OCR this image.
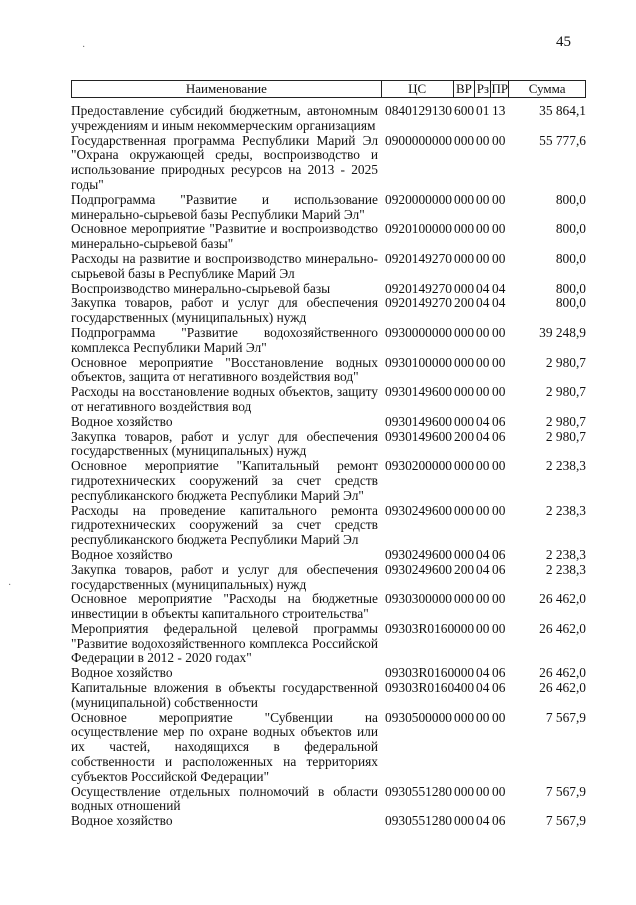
45
Наименование	ЦС	ВР Рз ПР	Сумма
Предоставление субсидий бюджетным, автономным учреждениям и иным некоммерческим организациям
0840129130 600 01 13	35 864,1
Государственная программа Республики Марий Эл "Охрана окружающей среды, воспроизводство и использование природных ресурсов на 2013 - 2025 годы"
0900000000 000 00 00	55 777,6
Подпрограмма "Развитие и использование минерально-сырьевой базы Республики Марий Эл"
0920000000 000 00 00	800,0
Основное мероприятие "Развитие и воспроизводство минерально-сырьевой базы"
0920100000 000 00 00	800,0
Расходы на развитие и воспроизводство минерально-сырьевой базы в Республике Марий Эл
0920149270 000 00 00	800,0
Воспроизводство минерально-сырьевой базы	0920149270 000 04 04	800,0
Закупка товаров, работ и услуг для обеспечения государственных (муниципальных) нужд
0920149270 200 04 04	800,0
Подпрограмма "Развитие водохозяйственного комплекса Республики Марий Эл"
0930000000 000 00 00	39 248,9
Основное мероприятие "Восстановление водных объектов, защита от негативного воздействия вод"
0930100000 000 00 00	2 980,7
Расходы на восстановление водных объектов, защиту от негативного воздействия вод
0930149600 000 00 00	2 980,7
Водное хозяйство	0930149600 000 04 06	2 980,7
Закупка товаров, работ и услуг для обеспечения государственных (муниципальных) нужд
0930149600 200 04 06	2 980,7
Основное мероприятие "Капитальный ремонт гидротехнических сооружений за счет средств республиканского бюджета Республики Марий Эл"
0930200000 000 00 00	2 238,3
Расходы на проведение капитального ремонта гидротехнических сооружений за счет средств республиканского бюджета Республики Марий Эл
0930249600 000 00 00	2 238,3
Водное хозяйство	0930249600 000 04 06	2 238,3
Закупка товаров, работ и услуг для обеспечения государственных (муниципальных) нужд
0930249600 200 04 06	2 238,3
Основное мероприятие "Расходы на бюджетные инвестиции в объекты капитального строительства"
0930300000 000 00 00	26 462,0
Мероприятия федеральной целевой программы "Развитие водохозяйственного комплекса Российской Федерации в 2012 - 2020 годах"
09303R0160 000 00 00	26 462,0
Водное хозяйство	09303R0160 000 04 06	26 462,0
Капитальные вложения в объекты государственной (муниципальной) собственности
09303R0160 400 04 06	26 462,0
Основное мероприятие "Субвенции на осуществление мер по охране водных объектов или их частей, находящихся в федеральной собственности и расположенных на территориях субъектов Российской Федерации"
0930500000 000 00 00	7 567,9
Осуществление отдельных полномочий в области водных отношений
0930551280 000 00 00	7 567,9
Водное хозяйство	0930551280 000 04 06	7 567,9
·
·
